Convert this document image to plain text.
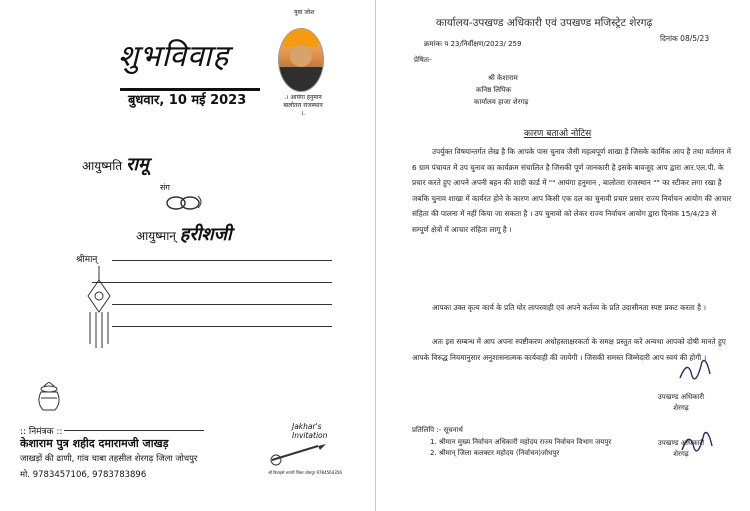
शुभविवाह
बुधवार, 10 मई 2023
युवा जोश
.। आयंगा हनुमान
बालोतरा राजस्थान ।.
आयुष्मति रामू
संग
आयुष्मान् हरीशजी
श्रीमान्
:: निमंत्रक ::
केशाराम पुत्र शहीद दमारामजी जाखड़
जाखड़ों की ढाणी, गांव चाबा तहसील शेरगढ़ जिला जोधपुर
मो. 9783457106, 9783783896
Jakhar's
Invitation
श्री विवाहसे शायरी जिला जोधपुर 9784564356
कार्यालय-उपखण्ड अधिकारी एवं उपखण्ड मजिस्ट्रेट शेरगढ़
दिनांक 08/5/23
क्रमांकः प 23/निर्वीक्षण/2023/ 259
प्रेषितः-
श्री केशाराम
कनिष्ठ लिपिक
कार्यालय हाजा शेरगढ़
कारण बताओ नोटिस
उपर्युक्त विषयान्तर्गत लेख है कि आपके पास चुनाव जैसी महत्वपूर्ण शाखा है जिसके कार्मिक आप है तथा वर्तमान में 6 ग्राम पंचायत में उप चुनाव का कार्यक्रम संचालित है जिसकी पूर्ण जानकारी है इसके बावजूद आप द्वारा आर.एल.पी. के प्रचार करते हुए आपने अपनी बहन की शादी कार्ड में "" आयंगा हनुमान , बालोतरा राजस्थान "" का स्टीकर लगा रखा है जबकि चुनाव शाखा में कार्यरत होने के कारण आप किसी एक दल का चुनावी प्रचार प्रसार राज्य निर्वाचन आयोग की आचार संहिता की पालना में नहीं किया जा सकता है । उप चुनावो को लेकर राज्य निर्वाचन आयोग द्वारा दिनांक 15/4/23 से सम्पूर्ण क्षेत्रों में आचार संहिता लागू है ।
आपका उक्त कृत्य कार्य के प्रति घोर लापरवाही एवं अपने कर्तव्य के प्रति उदासीनता स्पष्ट प्रकट करता है ।
अतः इस सम्बन्ध में आप अपना स्पष्टीकरण अधोहस्ताक्षरकर्ता के समक्ष प्रस्तुत करें अन्यथा आपको दोषी मानते हुए आपके विरुद्ध नियमानुसार अनुशासनात्मक कार्यवाही की जायेगी । जिसकी समस्त जिम्मेदारी आप स्वयं की होगी ।
उपखण्ड अधिकारी
शेरगढ़
प्रतिलिपि :- सूचनार्थ
1. श्रीमान मुख्य निर्वाचन अधिकारी महोदय राज्य निर्वाचन विभाग जयपुर
2. श्रीमान् जिला कलक्टर महोदय (निर्वाचन)जोधपुर
उपखण्ड अधिकारी
शेरगढ़
